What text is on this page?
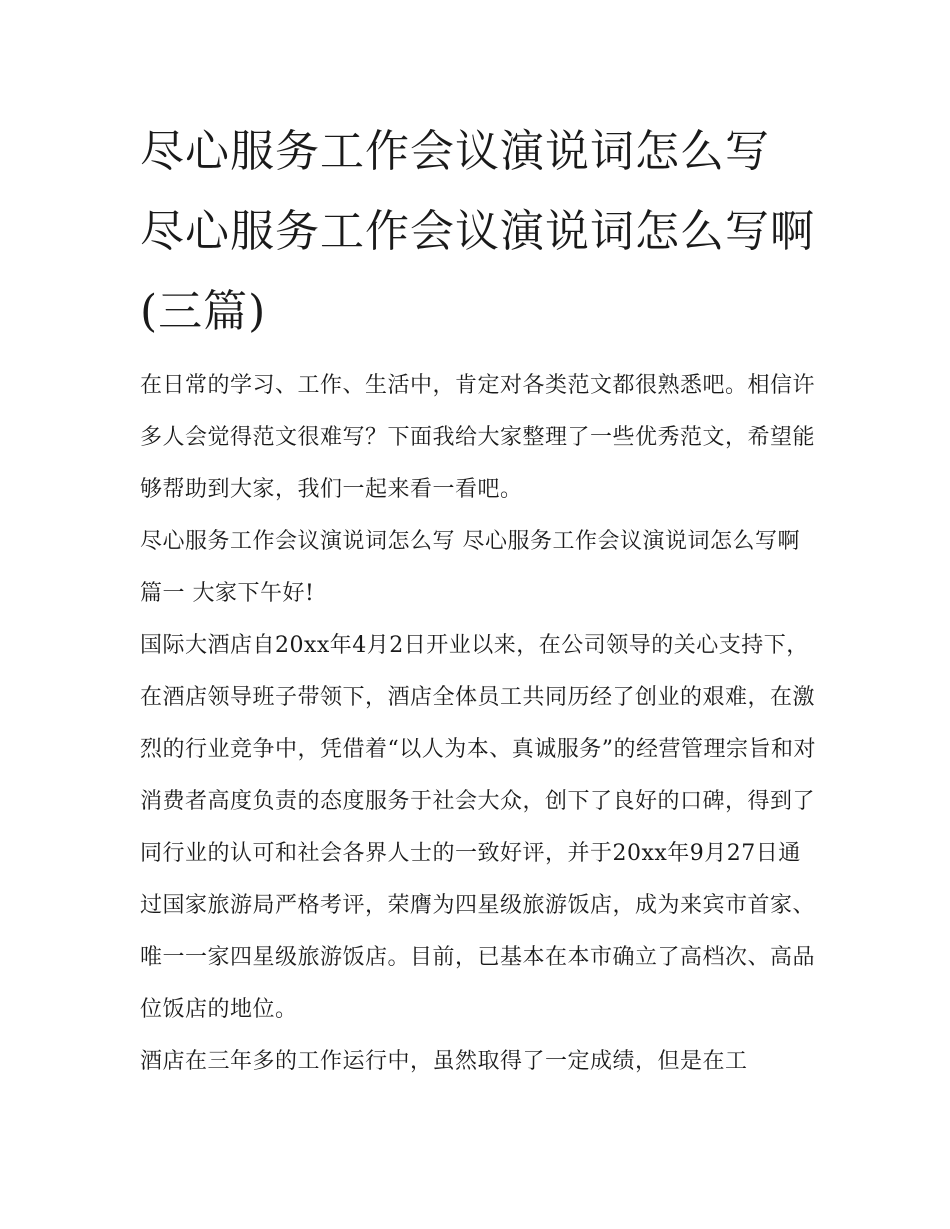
尽心服务工作会议演说词怎么写 尽心服务工作会议演说词怎么写啊(三篇)

在日常的学习、工作、生活中，肯定对各类范文都很熟悉吧。相信许多人会觉得范文很难写？下面我给大家整理了一些优秀范文，希望能够帮助到大家，我们一起来看一看吧。

尽心服务工作会议演说词怎么写 尽心服务工作会议演说词怎么写啊篇一 大家下午好!

国际大酒店自20xx年4月2日开业以来，在公司领导的关心支持下，在酒店领导班子带领下，酒店全体员工共同历经了创业的艰难，在激烈的行业竞争中，凭借着“以人为本、真诚服务”的经营管理宗旨和对消费者高度负责的态度服务于社会大众，创下了良好的口碑，得到了同行业的认可和社会各界人士的一致好评，并于20xx年9月27日通过国家旅游局严格考评，荣膺为四星级旅游饭店，成为来宾市首家、唯一一家四星级旅游饭店。目前，已基本在本市确立了高档次、高品位饭店的地位。

酒店在三年多的工作运行中，虽然取得了一定成绩，但是在工
